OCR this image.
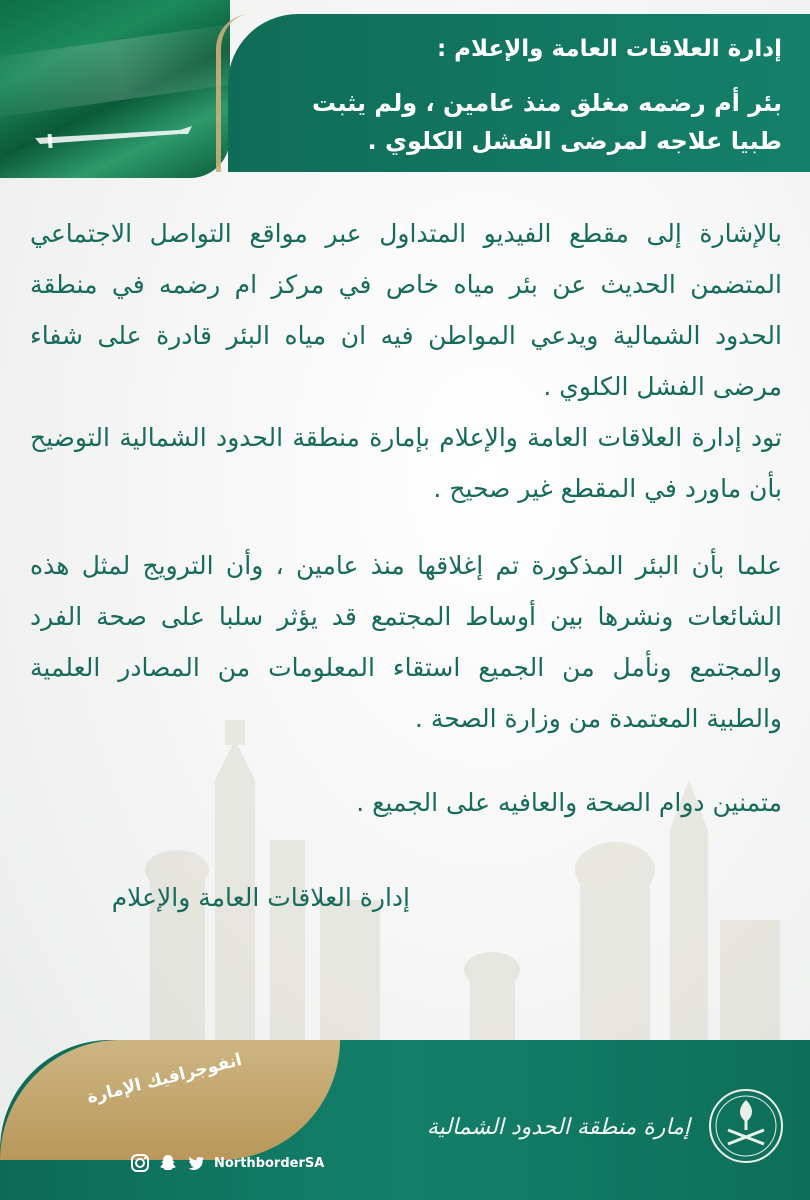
إدارة العلاقات العامة والإعلام :

بئر أم رضمه مغلق منذ عامين ، ولم يثبت

طبيا علاجه لمرضى الفشل الكلوي .

بالإشارة إلى مقطع الفيديو المتداول عبر مواقع التواصل الاجتماعي المتضمن الحديث عن بئر مياه خاص في مركز ام رضمه في منطقة الحدود الشمالية ويدعي المواطن فيه ان مياه البئر قادرة على شفاء مرضى الفشل الكلوي .

تود إدارة العلاقات العامة والإعلام بإمارة منطقة الحدود الشمالية التوضيح بأن ماورد في المقطع غير صحيح .

علما بأن البئر المذكورة تم إغلاقها منذ عامين ، وأن الترويج لمثل هذه الشائعات ونشرها بين أوساط المجتمع قد يؤثر سلبا على صحة الفرد والمجتمع ونأمل من الجميع استقاء المعلومات من المصادر العلمية والطبية المعتمدة من وزارة الصحة .

متمنين دوام الصحة والعافيه على الجميع .
إدارة العلاقات العامة والإعلام
انفوجرافيك الإمارة
NorthborderSA
إمارة منطقة الحدود الشمالية
